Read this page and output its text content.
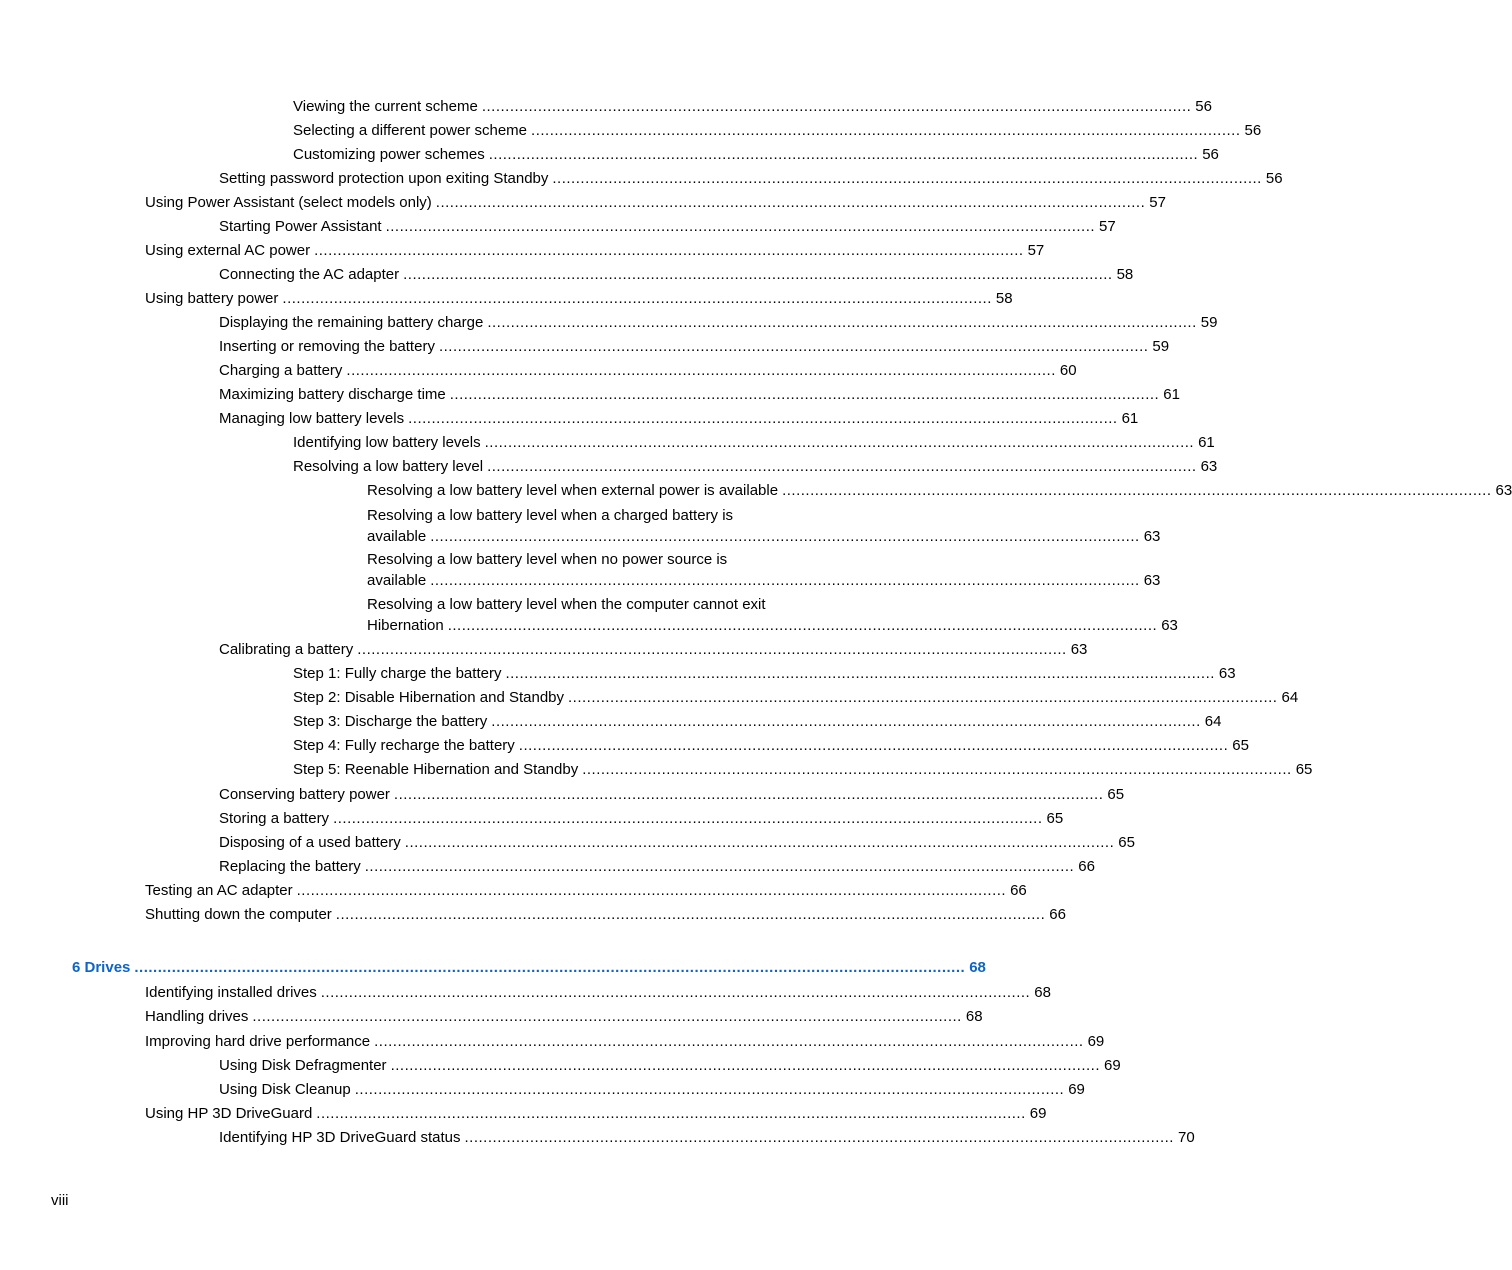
Viewing the current scheme ........................................................................................................................................................ 56
Selecting a different power scheme ........................................................................................................................................................ 56
Customizing power schemes ........................................................................................................................................................ 56
Setting password protection upon exiting Standby ........................................................................................................................................................ 56
Using Power Assistant (select models only) ........................................................................................................................................................ 57
Starting Power Assistant ........................................................................................................................................................ 57
Using external AC power ........................................................................................................................................................ 57
Connecting the AC adapter ........................................................................................................................................................ 58
Using battery power ........................................................................................................................................................ 58
Displaying the remaining battery charge ........................................................................................................................................................ 59
Inserting or removing the battery ........................................................................................................................................................ 59
Charging a battery ........................................................................................................................................................ 60
Maximizing battery discharge time ........................................................................................................................................................ 61
Managing low battery levels ........................................................................................................................................................ 61
Identifying low battery levels ........................................................................................................................................................ 61
Resolving a low battery level ........................................................................................................................................................ 63
Resolving a low battery level when external power is available ........................................................................................................................................................ 63
Resolving a low battery level when a charged battery is
available ........................................................................................................................................................ 63
Resolving a low battery level when no power source is
available ........................................................................................................................................................ 63
Resolving a low battery level when the computer cannot exit
Hibernation ........................................................................................................................................................ 63
Calibrating a battery ........................................................................................................................................................ 63
Step 1: Fully charge the battery ........................................................................................................................................................ 63
Step 2: Disable Hibernation and Standby ........................................................................................................................................................ 64
Step 3: Discharge the battery ........................................................................................................................................................ 64
Step 4: Fully recharge the battery ........................................................................................................................................................ 65
Step 5: Reenable Hibernation and Standby ........................................................................................................................................................ 65
Conserving battery power ........................................................................................................................................................ 65
Storing a battery ........................................................................................................................................................ 65
Disposing of a used battery ........................................................................................................................................................ 65
Replacing the battery ........................................................................................................................................................ 66
Testing an AC adapter ........................................................................................................................................................ 66
Shutting down the computer ........................................................................................................................................................ 66
6 Drives .................................................................................................................................................................................. 68
Identifying installed drives ........................................................................................................................................................ 68
Handling drives ........................................................................................................................................................ 68
Improving hard drive performance ........................................................................................................................................................ 69
Using Disk Defragmenter ........................................................................................................................................................ 69
Using Disk Cleanup ........................................................................................................................................................ 69
Using HP 3D DriveGuard ........................................................................................................................................................ 69
Identifying HP 3D DriveGuard status ........................................................................................................................................................ 70
viii
